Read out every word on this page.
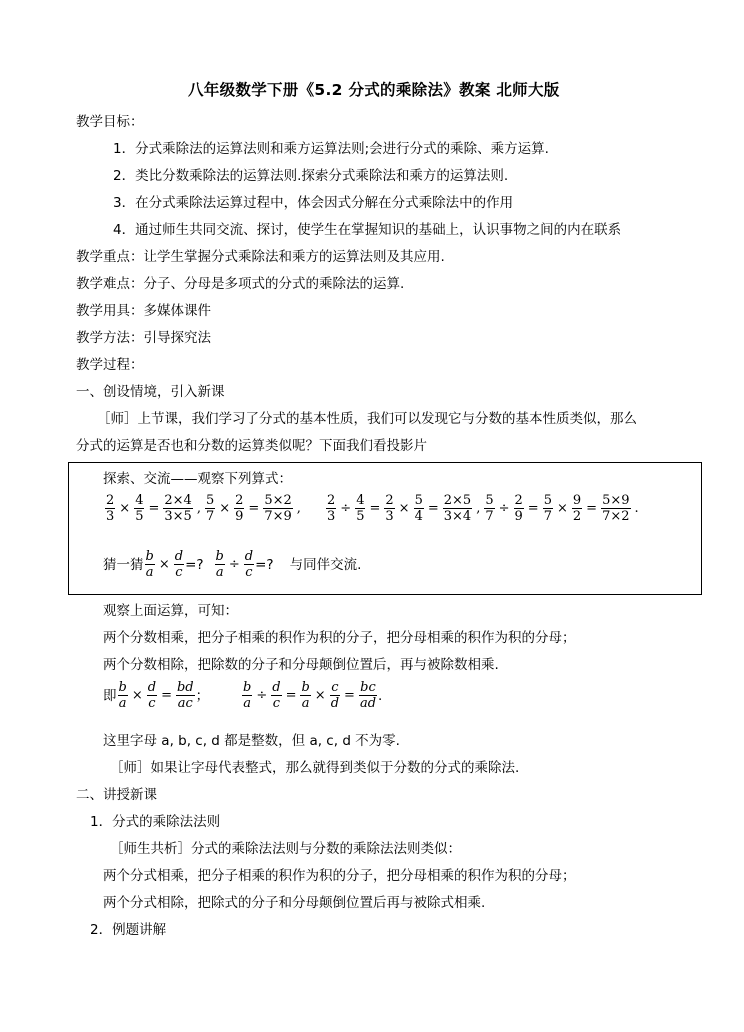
八年级数学下册《5.2 分式的乘除法》教案 北师大版
教学目标：
1．分式乘除法的运算法则和乘方运算法则;会进行分式的乘除、乘方运算.
2．类比分数乘除法的运算法则.探索分式乘除法和乘方的运算法则.
3．在分式乘除法运算过程中，体会因式分解在分式乘除法中的作用
4．通过师生共同交流、探讨，使学生在掌握知识的基础上，认识事物之间的内在联系
教学重点：让学生掌握分式乘除法和乘方的运算法则及其应用.
教学难点：分子、分母是多项式的分式的乘除法的运算.
教学用具：多媒体课件
教学方法：引导探究法
教学过程：
一、创设情境，引入新课
［师］上节课，我们学习了分式的基本性质，我们可以发现它与分数的基本性质类似，那么
分式的运算是否也和分数的运算类似呢？下面我们看投影片
探索、交流——观察下列算式：
$\frac{2}{3} \times \frac{4}{5} = \frac{2\times 4}{3\times 5}$ , $\frac{5}{7} \times \frac{2}{9} = \frac{5\times 2}{7\times 9}$ , $\frac{2}{3} \div \frac{4}{5} = \frac{2}{3} \times \frac{5}{4} = \frac{2\times 5}{3\times 4}$ , $\frac{5}{7} \div \frac{2}{9} = \frac{5}{7} \times \frac{9}{2} = \frac{5\times 9}{7\times 2}$ .
猜一猜 $\frac{b}{a} \times \frac{d}{c}$ =? $\frac{b}{a} \div \frac{d}{c}$ =? 与同伴交流.
观察上面运算，可知：
两个分数相乘，把分子相乘的积作为积的分子，把分母相乘的积作为积的分母；
两个分数相除，把除数的分子和分母颠倒位置后，再与被除数相乘.
即 $\frac{b}{a} \times \frac{d}{c} = \frac{bd}{ac}$ ；	$\frac{b}{a} \div \frac{d}{c} = \frac{b}{a} \times \frac{c}{d} = \frac{bc}{ad}$ .
这里字母 a, b, c, d 都是整数，但 a, c, d 不为零.
［师］如果让字母代表整式，那么就得到类似于分数的分式的乘除法.
二、讲授新课
1．分式的乘除法法则
［师生共析］分式的乘除法法则与分数的乘除法法则类似：
两个分式相乘，把分子相乘的积作为积的分子，把分母相乘的积作为积的分母；
两个分式相除，把除式的分子和分母颠倒位置后再与被除式相乘.
2．例题讲解
